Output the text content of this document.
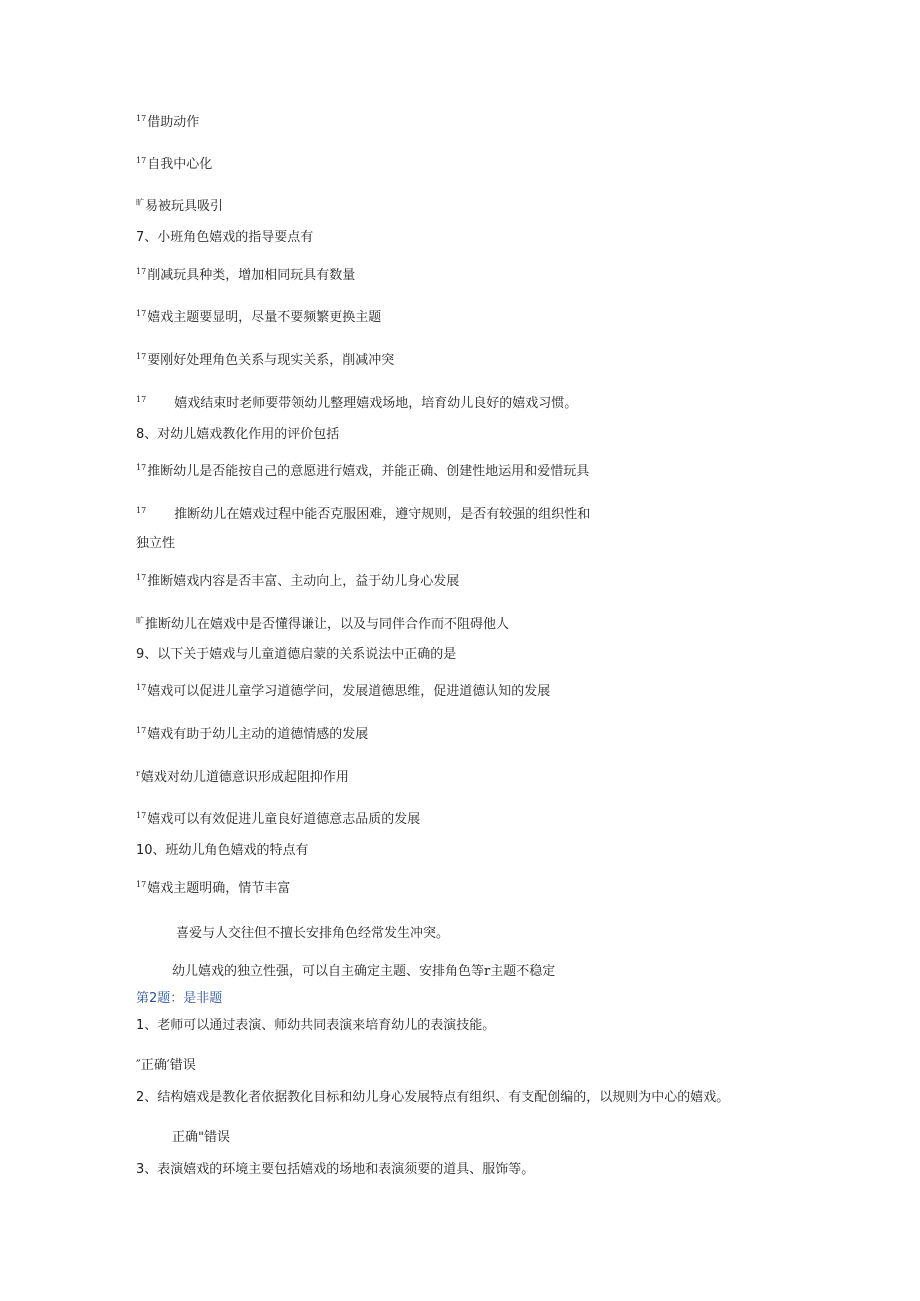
$^{17}$借助动作
$^{17}$自我中心化
$^旷$易被玩具吸引
7、小班角色嬉戏的指导要点有
$^{17}$削减玩具种类，增加相同玩具有数量
$^{17}$嬉戏主题要显明，尽量不要频繁更换主题
$^{17}$要刚好处理角色关系与现实关系，削减冲突
$^{17}$ 嬉戏结束时老师要带领幼儿整理嬉戏场地，培育幼儿良好的嬉戏习惯。
8、对幼儿嬉戏教化作用的评价包括
$^{17}$推断幼儿是否能按自己的意愿进行嬉戏，并能正确、创建性地运用和爱惜玩具
$^{17}$ 推断幼儿在嬉戏过程中能否克服困难，遵守规则，是否有较强的组织性和
独立性
$^{17}$推断嬉戏内容是否丰富、主动向上，益于幼儿身心发展
$^旷$推断幼儿在嬉戏中是否懂得谦让，以及与同伴合作而不阻碍他人
9、以下关于嬉戏与儿童道德启蒙的关系说法中正确的是
$^{17}$嬉戏可以促进儿童学习道德学问，发展道德思维，促进道德认知的发展
$^{17}$嬉戏有助于幼儿主动的道德情感的发展
$^r$嬉戏对幼儿道德意识形成起阻抑作用
$^{17}$嬉戏可以有效促进儿童良好道德意志品质的发展
10、班幼儿角色嬉戏的特点有
$^{17}$嬉戏主题明确，情节丰富
喜爱与人交往但不擅长安排角色经常发生冲突。
幼儿嬉戏的独立性强，可以自主确定主题、安排角色等r主题不稳定
第2题：是非题
1、老师可以通过表演、师幼共同表演来培育幼儿的表演技能。
″正确′错误
2、结构嬉戏是教化者依据教化目标和幼儿身心发展特点有组织、有支配创编的，以规则为中心的嬉戏。
正确"错误
3、表演嬉戏的环境主要包括嬉戏的场地和表演须要的道具、服饰等。
